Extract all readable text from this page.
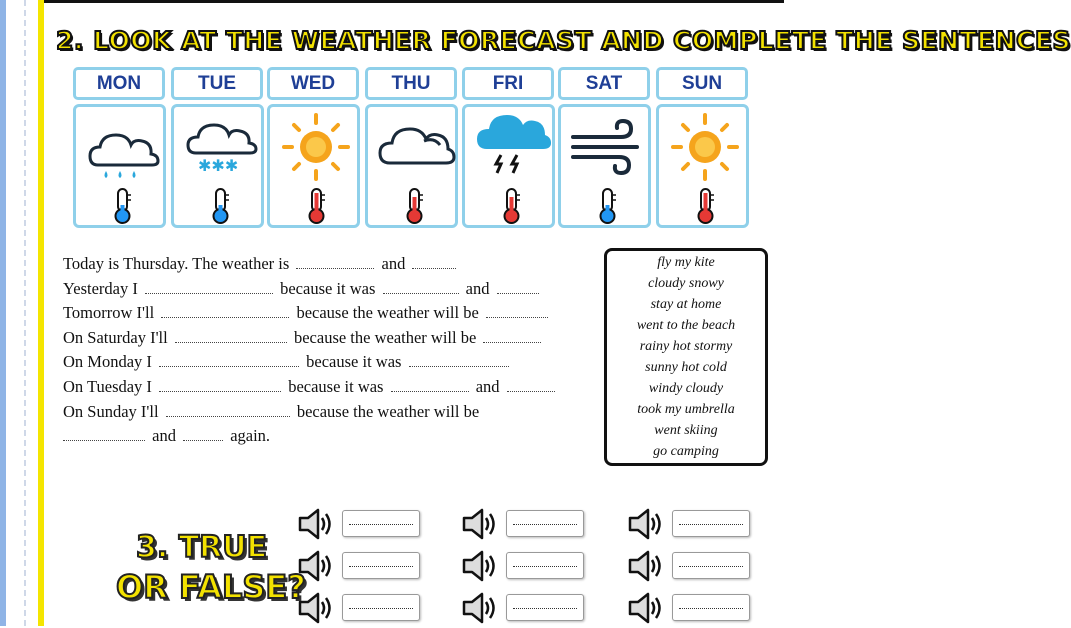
2. LOOK AT THE WEATHER FORECAST AND COMPLETE THE SENTENCES
MON	TUE	WED	THU	FRI	SAT	SUN
✱✱✱
Today is Thursday. The weather is	and
Yesterday I	because it was	and
Tomorrow I'll	because the weather will be
On Saturday I'll	because the weather will be
On Monday I	because it was
On Tuesday I	because it was	and
On Sunday I'll	because the weather will be
and	again.
fly my kite
cloudy snowy
stay at home
went to the beach
rainy hot stormy
sunny hot cold
windy cloudy
took my umbrella
went skiing
go camping
3. TRUE
OR FALSE?
